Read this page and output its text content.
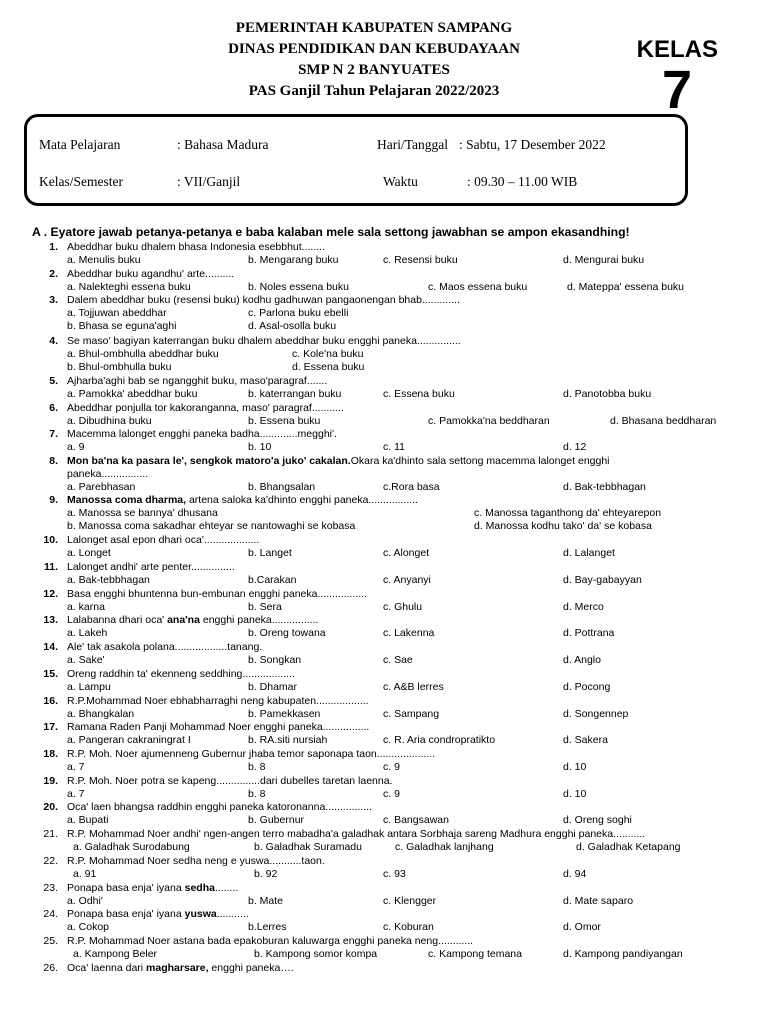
PEMERINTAH KABUPATEN SAMPANG
DINAS PENDIDIKAN DAN KEBUDAYAAN
SMP N 2 BANYUATES
PAS Ganjil Tahun Pelajaran 2022/2023
KELAS
7
Mata Pelajaran	: Bahasa Madura	Hari/Tanggal : Sabtu, 17 Desember 2022
Kelas/Semester	: VII/Ganjil	Waktu	: 09.30 – 11.00 WIB
A . Eyatore jawab petanya-petanya e baba kalaban mele sala settong jawabhan se ampon ekasandhing!
1. Abeddhar buku dhalem bhasa Indonesia esebbhut........
a. Menulis buku	b. Mengarang buku	c. Resensi buku	d. Mengurai buku
2. Abeddhar buku agandhu' arte..........
a. Nalekteghi essena buku	b. Noles essena buku	c. Maos essena buku	d. Mateppa' essena buku
3. Dalem abeddhar buku (resensi buku) kodhu gadhuwan pangaonengan bhab.............
a. Tojjuwan abeddhar	c. Parlona buku ebelli
b. Bhasa se eguna'aghi	d. Asal-osolla buku
4. Se maso' bagiyan katerrangan buku dhalem abeddhar buku engghi paneka...............
a. Bhul-ombhulla abeddhar buku	c. Kole'na buku
b. Bhul-ombhulla buku	d. Essena buku
5. Ajharba'aghi bab se ngangghit buku, maso'paragraf.......
a. Pamokka' abeddhar buku	b. katerrangan buku	c. Essena buku	d. Panotobba buku
6. Abeddhar ponjulla tor kakoranganna, maso' paragraf...........
a. Dibudhina buku	b. Essena buku	c. Pamokka'na beddharan	d. Bhasana beddharan
7. Macemma lalonget engghi paneka badha.............megghi'.
a. 9	b. 10	c. 11	d. 12
8. Mon ba'na ka pasara le', sengkok matoro'a juko' cakalan.Okara ka'dhinto sala settong macemma lalonget engghi
paneka................
a. Parebhasan	b. Bhangsalan	c.Rora basa	d. Bak-tebbhagan
9. Manossa coma dharma, artena saloka ka'dhinto engghi paneka.................
a. Manossa se bannya' dhusana	c. Manossa taganthong da' ehteyarepon
b. Manossa coma sakadhar ehteyar se nantowaghi se kobasa	d. Manossa kodhu tako' da' se kobasa
10. Lalonget asal epon dhari oca'...................
a. Longet	b. Langet	c. Alonget	d. Lalanget
11. Lalonget andhi' arte penter...............
a. Bak-tebbhagan	b.Carakan	c. Anyanyi	d. Bay-gabayyan
12. Basa engghi bhuntenna bun-embunan engghi paneka.................
a. karna	b. Sera	c. Ghulu	d. Merco
13. Lalabanna dhari oca' ana'na engghi paneka................
a. Lakeh	b. Oreng towana	c. Lakenna	d. Pottrana
14. Ale' tak asakola polana..................tanang.
a. Sake'	b. Songkan	c. Sae	d. Anglo
15. Oreng raddhin ta' ekenneng seddhing..................
a. Lampu	b. Dhamar	c. A&B lerres	d. Pocong
16. R.P.Mohammad Noer ebhabharraghi neng kabupaten..................
a. Bhangkalan	b. Pamekkasen	c. Sampang	d. Songennep
17. Ramana Raden Panji Mohammad Noer engghi paneka................
a. Pangeran cakraningrat I	b. RA.siti nursiah	c. R. Aria condropratikto	d. Sakera
18. R.P. Moh. Noer ajumenneng Gubernur jhaba temor saponapa taon....................
a. 7	b. 8	c. 9	d. 10
19. R.P. Moh. Noer potra se kapeng...............dari dubelles taretan laenna.
a. 7	b. 8	c. 9	d. 10
20. Oca' laen bhangsa raddhin engghi paneka katoronanna................
a. Bupati	b. Gubernur	c. Bangsawan	d. Oreng soghi
21. R.P. Mohammad Noer andhi' ngen-angen terro mabadha'a galadhak antara Sorbhaja sareng Madhura engghi paneka...........
a. Galadhak Surodabung	b. Galadhak Suramadu	c. Galadhak lanjhang	d. Galadhak Ketapang
22. R.P. Mohammad Noer sedha neng e yuswa...........taon.
a. 91	b. 92	c. 93	d. 94
23. Ponapa basa enja' iyana sedha........
a. Odhi'	b. Mate	c. Klengger	d. Mate saparo
24. Ponapa basa enja' iyana yuswa...........
a. Cokop	b.Lerres	c. Koburan	d. Omor
25. R.P. Mohammad Noer astana bada epakoburan kaluwarga engghi paneka neng............
a. Kampong Beler	b. Kampong somor kompa	c. Kampong temana	d. Kampong pandiyangan
26. Oca' laenna dari magharsare, engghi paneka….
